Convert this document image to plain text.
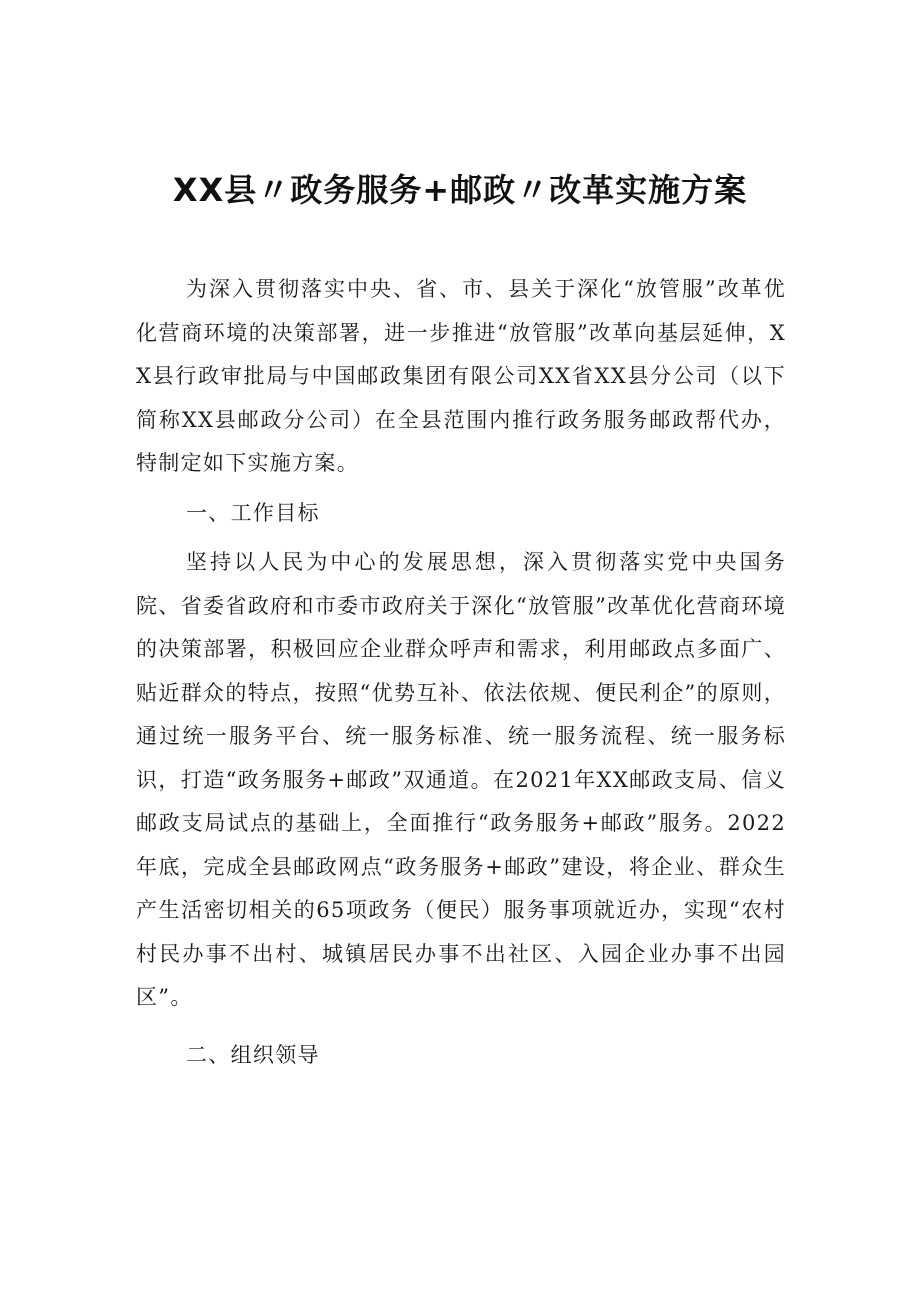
XX县〃政务服务+邮政〃改革实施方案

为深入贯彻落实中央、省、市、县关于深化“放管服”改革优化营商环境的决策部署，进一步推进“放管服”改革向基层延伸，XX县行政审批局与中国邮政集团有限公司XX省XX县分公司（以下简称XX县邮政分公司）在全县范围内推行政务服务邮政帮代办，特制定如下实施方案。

一、工作目标

坚持以人民为中心的发展思想，深入贯彻落实党中央国务院、省委省政府和市委市政府关于深化“放管服”改革优化营商环境的决策部署，积极回应企业群众呼声和需求，利用邮政点多面广、贴近群众的特点，按照“优势互补、依法依规、便民利企”的原则，通过统一服务平台、统一服务标准、统一服务流程、统一服务标识，打造“政务服务+邮政”双通道。在2021年XX邮政支局、信义邮政支局试点的基础上，全面推行“政务服务+邮政”服务。2022年底，完成全县邮政网点“政务服务+邮政”建设，将企业、群众生产生活密切相关的65项政务（便民）服务事项就近办，实现“农村村民办事不出村、城镇居民办事不出社区、入园企业办事不出园区”。

二、组织领导
